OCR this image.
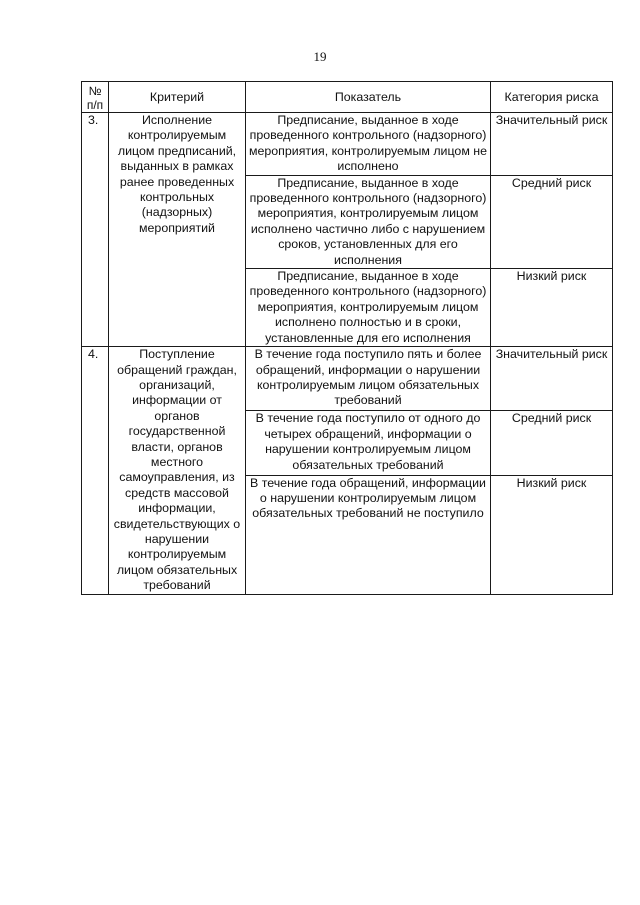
19
№ п/п	Критерий	Показатель	Категория риска
3.	Исполнение контролируемым лицом предписаний, выданных в рамках ранее проведенных контрольных (надзорных) мероприятий	Предписание, выданное в ходе проведенного контрольного (надзорного) мероприятия, контролируемым лицом не исполнено	Значительный риск
		Предписание, выданное в ходе проведенного контрольного (надзорного) мероприятия, контролируемым лицом исполнено частично либо с нарушением сроков, установленных для его исполнения	Средний риск
		Предписание, выданное в ходе проведенного контрольного (надзорного) мероприятия, контролируемым лицом исполнено полностью и в сроки, установленные для его исполнения	Низкий риск
4.	Поступление обращений граждан, организаций, информации от органов государственной власти, органов местного самоуправления, из средств массовой информации, свидетельствующих о нарушении контролируемым лицом обязательных требований	В течение года поступило пять и более обращений, информации о нарушении контролируемым лицом обязательных требований	Значительный риск
		В течение года поступило от одного до четырех обращений, информации о нарушении контролируемым лицом обязательных требований	Средний риск
		В течение года обращений, информации о нарушении контролируемым лицом обязательных требований не поступило	Низкий риск
